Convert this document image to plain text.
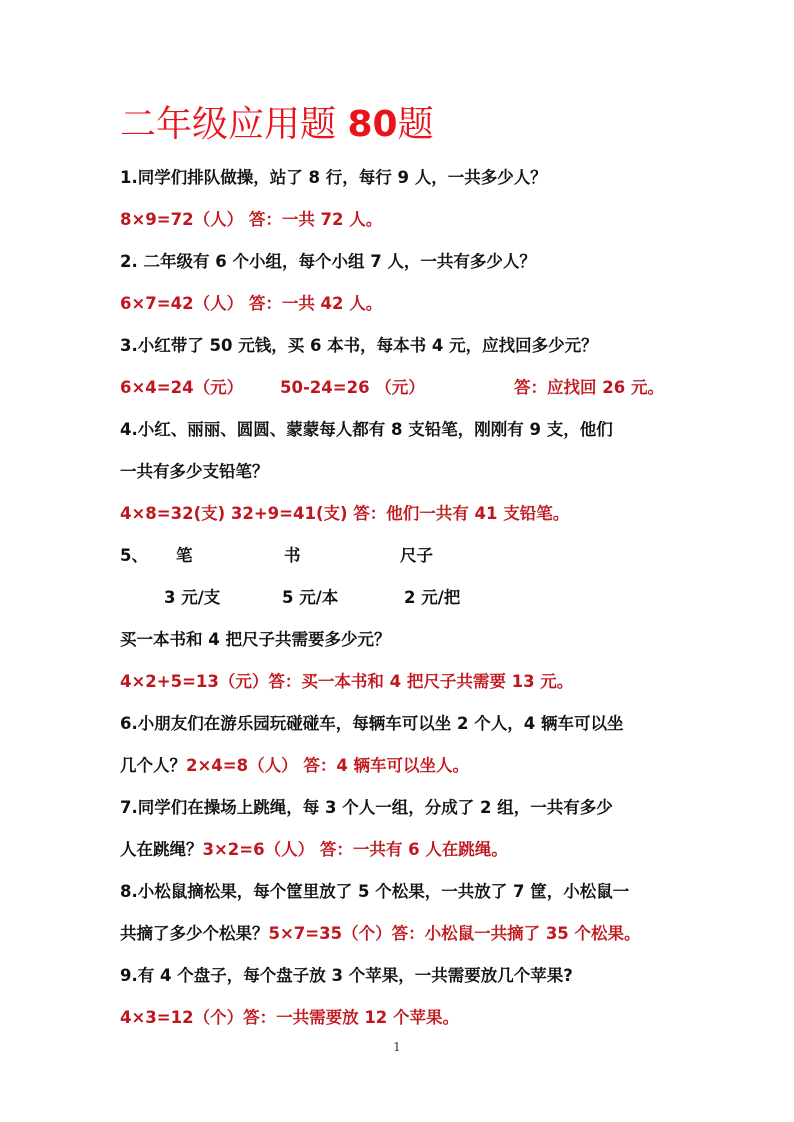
二年级应用题 80题
1.同学们排队做操，站了 8 行，每行 9 人，一共多少人？
8×9=72（人） 答：一共 72 人。
2. 二年级有 6 个小组，每个小组 7 人，一共有多少人？
6×7=42（人） 答：一共 42 人。
3.小红带了 50 元钱，买 6 本书，每本书 4 元，应找回多少元？
6×4=24（元） 50-24=26 （元）	答：应找回 26 元。
4.小红、丽丽、圆圆、蒙蒙每人都有 8 支铅笔，刚刚有 9 支，他们
一共有多少支铅笔？
4×8=32(支) 32+9=41(支) 答：他们一共有 41 支铅笔。
5、 笔	书	尺子
3 元/支	5 元/本	2 元/把
买一本书和 4 把尺子共需要多少元？
4×2+5=13（元）答：买一本书和 4 把尺子共需要 13 元。
6.小朋友们在游乐园玩碰碰车，每辆车可以坐 2 个人，4 辆车可以坐
几个人？2×4=8（人） 答：4 辆车可以坐人。
7.同学们在操场上跳绳，每 3 个人一组，分成了 2 组，一共有多少
人在跳绳？3×2=6（人） 答：一共有 6 人在跳绳。
8.小松鼠摘松果，每个筐里放了 5 个松果，一共放了 7 筐，小松鼠一
共摘了多少个松果？5×7=35（个）答：小松鼠一共摘了 35 个松果。
9.有 4 个盘子，每个盘子放 3 个苹果，一共需要放几个苹果?
4×3=12（个）答：一共需要放 12 个苹果。
1
